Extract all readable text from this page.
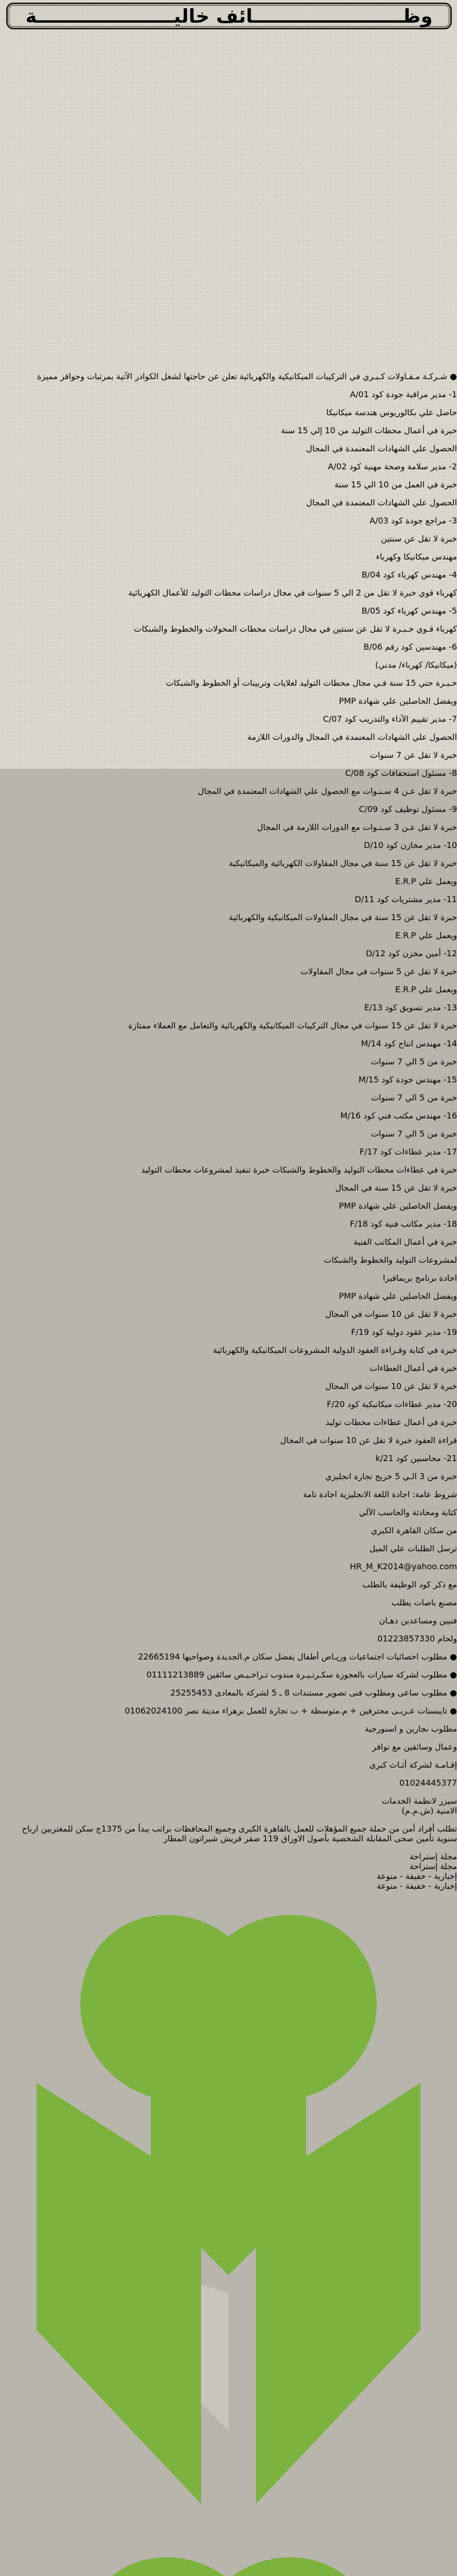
وظـــــــــــــــــــــــائف خاليـــــــــــــــــــــة

● شـركـة مـقـاولات كـبـري في التركيبات الميكانيكية والكهربائية تعلن عن حاجتها لشغل الكوادر الآتية بمرتبات وحوافز مميزة

1- مدير مراقبة جودة كود A/01

حاصل علي بكالوريوس هندسة ميكانيكا

خبرة في أعمال محطات التوليد من 10 إلي 15 سنة

الحصول علي الشهادات المعتمدة في المجال

2- مدير سلامة وصحة مهنية كود A/02

خبرة في العمل من 10 الي 15 سنة

الحصول علي الشهادات المعتمدة في المجال

3- مراجع جودة كود A/03

خبرة لا تقل عن سنتين

مهندس ميكانيكا وكهرباء

4- مهندس كهرباء كود B/04

كهرباء قوي خبرة لا تقل من 2 الي 5 سنوات في مجال دراسات محطات التوليد للأعمال الكهربائية

5- مهندس كهرباء كود B/05

كهرباء قـوي خـبـرة لا تقل عن سنتين في مجال دراسات محطات المحولات والخطوط والشبكات

6- مهندسين كود رقم B/06

(ميكانيكا/ كهرباء/ مدني)

خـبـرة حتي 15 سنة فـي مجال محطات التوليد لغلايات وتربينات أو الخطوط والشبكات

ويفضل الحاصلين علي شهادة PMP

7- مدير تقييم الآداء والتدريب كود C/07

الحصول علي الشهادات المعتمدة في المجال والدورات اللازمة

خبرة لا تقل عن 7 سنوات

8- مسئول استحقاقات كود C/08

خبرة لا تقل عـن 4 سـنـوات مع الحصول علي الشهادات المعتمدة في المجال

9- مسئول توظيف كود C/09

خبرة لا تقل عـن 3 سـنـوات مع الدورات اللازمة في المجال

10- مدير مخازن كود D/10

خبرة لا تقل عن 15 سنة في مجال المقاولات الكهربائية والميكانيكية

ويعمل علي E.R.P

11- مدير مشتريات كود D/11

خبرة لا تقل عن 15 سنة في مجال المقاولات الميكانيكية والكهربائية

ويعمل علي E.R.P

12- أمين مخزن كود D/12

خبرة لا تقل عن 5 سنوات في مجال المقاولات

ويعمل علي E.R.P

13- مدير تسويق كود E/13

خبرة لا تقل عن 15 سنوات في مجال التركيبات الميكانيكية والكهربائية والتعامل مع العملاء ممتازة

14- مهندس انتاج كود M/14

خبرة من 5 الي 7 سنوات

15- مهندس جودة كود M/15

خبرة من 5 الي 7 سنوات

16- مهندس مكتب فني كود M/16

خبرة من 5 الي 7 سنوات

17- مدير عطاءات كود F/17

خبرة في عطاءات محطات التوليد والخطوط والشبكات خبرة تنفيذ لمشروعات محطات التوليد

خبرة لا تقل عن 15 سنة في المجال

ويفضل الحاصلين علي شهادة PMP

18- مدير مكاتب فنية كود F/18

خبرة في أعمال المكاتب الفنية

لمشروعات التوليد والخطوط والشبكات

اجادة برنامج بريمافيرا

ويفضل الحاصلين علي شهادة PMP

خبرة لا تقل عن 10 سنوات في المجال

19- مدير عقود دولية كود F/19

خبرة في كتابة وقـراءة العقود الدولية المشروعات الميكانيكية والكهربائية

خبرة في أعمال العطاءات

خبرة لا تقل عن 10 سنوات في المجال

20- مدير عطاءات ميكانيكية كود F/20

خبرة في أعمال عطاءات محطات توليد

قراءة العقود خبرة لا تقل عن 10 سنوات في المجال

21- محاسبين كود k/21

خبرة من 3 الـي 5 خريج تجارة انجليزي

شروط عامة: اجادة اللغة الانجليزية اجادة تامة

كتابة ومحادثة والحاسب الآلي

من سكان القاهرة الكبري

ترسل الطلبات علي الميل

HR_M_K2014@yahoo.com

مع ذكر كود الوظيفة بالطلب

مصنع باصات يطلب

فنيين ومساعدين دهـان

ولحام 01223857330

● مطلوب اخصائيات اجتماعيات وريـاض أطفال يفضل سكان م.الجديدة وضواحيها 22665194

● مطلوب لشركة سيارات بالعجوزة سكـرتـيـرة مندوب تـراخـيـص سائقين 01111213889

● مطلوب ساعى ومطلوب فنى تصوير مستندات 8 ـ 5 لشركة بالمعادى 25255453

● تايبستات عـربـى محترفين + م.متوسطة + ب تجارة للعمل بزهراء مدينة نصر 01062024100

مطلوب نجارين و استورجية

وعمال وسائقين مع توافر

إقـامـة لشركة أثـاث كبرى

01024445377

سيزر لانظمة الخدمات
الامنية (ش.م.م)

تطلب أفراد أمن من حملة جميع المؤهلات للعمل بالقاهرة الكبرى وجميع المحافظات براتب يبدأ من 1375ج سكن للمغتربين ارباح سنوية تأمين صحى المقابلة الشخصية بأصول الاوراق 119 صقر قريش شيراتون المطار

مجلة إستراحة
مجلة إستراحة
إخبارية - خفيفة - منوعة
إخبارية - خفيفة - منوعة
